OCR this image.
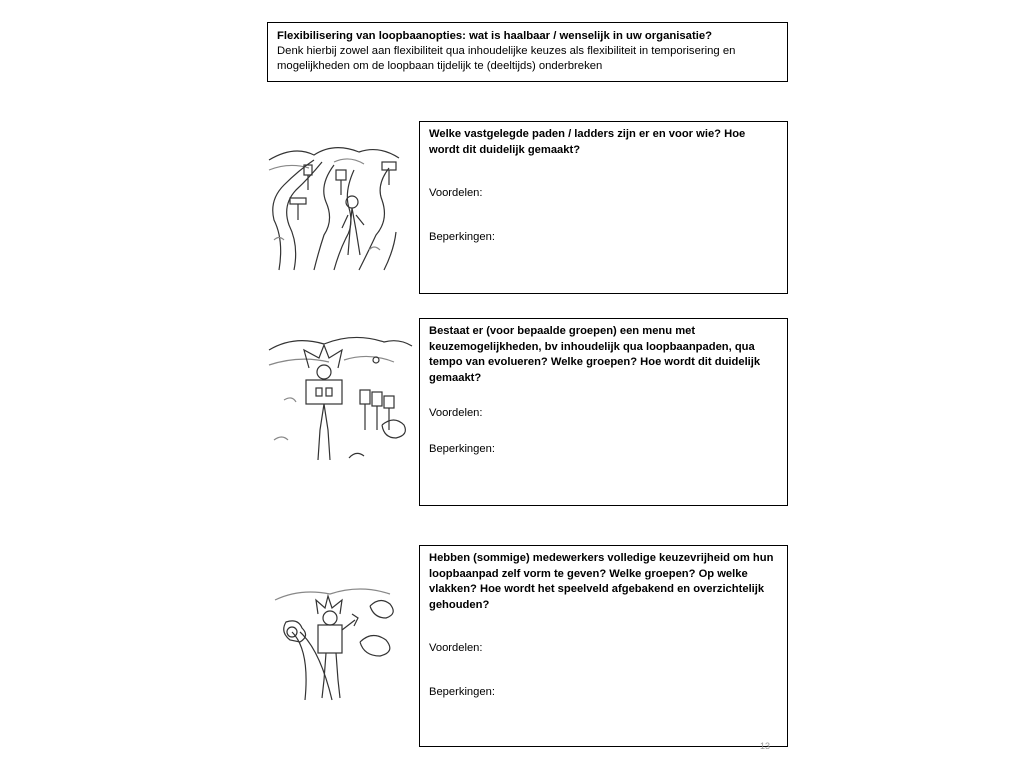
Flexibilisering van loopbaanopties: wat is haalbaar / wenselijk in uw organisatie?
Denk hierbij zowel aan flexibiliteit qua inhoudelijke keuzes als flexibiliteit in temporisering en mogelijkheden om de loopbaan tijdelijk te (deeltijds) onderbreken
Welke vastgelegde paden / ladders zijn er en voor wie? Hoe wordt dit duidelijk gemaakt?
Voordelen:
Beperkingen:
Bestaat er (voor bepaalde groepen) een menu met keuzemogelijkheden, bv inhoudelijk qua loopbaanpaden, qua tempo van evolueren? Welke groepen? Hoe wordt dit duidelijk gemaakt?
Voordelen:
Beperkingen:
Hebben (sommige) medewerkers volledige keuzevrijheid om hun loopbaanpad zelf vorm te geven? Welke groepen? Op welke vlakken? Hoe wordt het speelveld afgebakend en overzichtelijk gehouden?
Voordelen:
Beperkingen:
13
